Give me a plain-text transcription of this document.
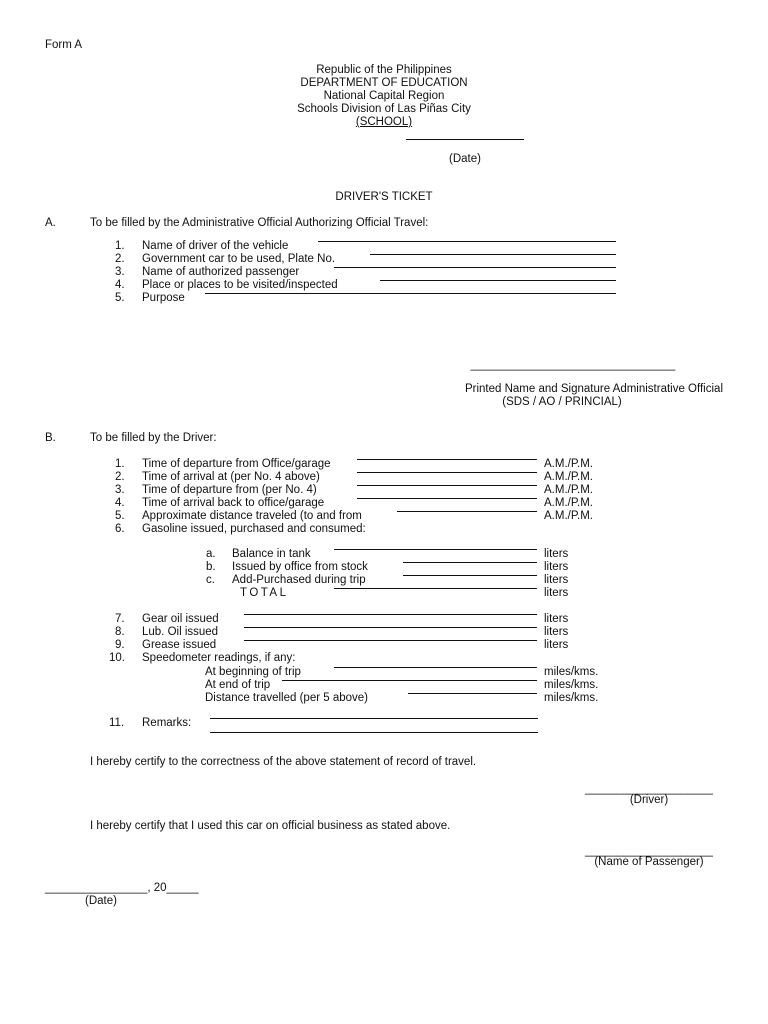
Form A
Republic of the Philippines
DEPARTMENT OF EDUCATION
National Capital Region
Schools Division of Las Piñas City
(SCHOOL)
(Date)
DRIVER'S TICKET
A.	To be filled by the Administrative Official Authorizing Official Travel:
1. Name of driver of the vehicle
2. Government car to be used, Plate No.
3. Name of authorized passenger
4. Place or places to be visited/inspected
5. Purpose
________________________________
Printed Name and Signature Administrative Official
(SDS / AO / PRINCIAL)
B.	To be filled by the Driver:
1. Time of departure from Office/garage	A.M./P.M.
2. Time of arrival at (per No. 4 above)	A.M./P.M.
3. Time of departure from (per No. 4)	A.M./P.M.
4. Time of arrival back to office/garage	A.M./P.M.
5. Approximate distance traveled (to and from	A.M./P.M.
6. Gasoline issued, purchased and consumed:
a. Balance in tank	liters
b. Issued by office from stock	liters
c. Add-Purchased during trip	liters
TOTAL	liters
7. Gear oil issued	liters
8. Lub. Oil issued	liters
9. Grease issued	liters
10. Speedometer readings, if any:
At beginning of trip	miles/kms.
At end of trip	miles/kms.
Distance travelled (per 5 above)	miles/kms.
11. Remarks:
I hereby certify to the correctness of the above statement of record of travel.
____________________
(Driver)
I hereby certify that I used this car on official business as stated above.
____________________
(Name of Passenger)
________________, 20_____
(Date)
